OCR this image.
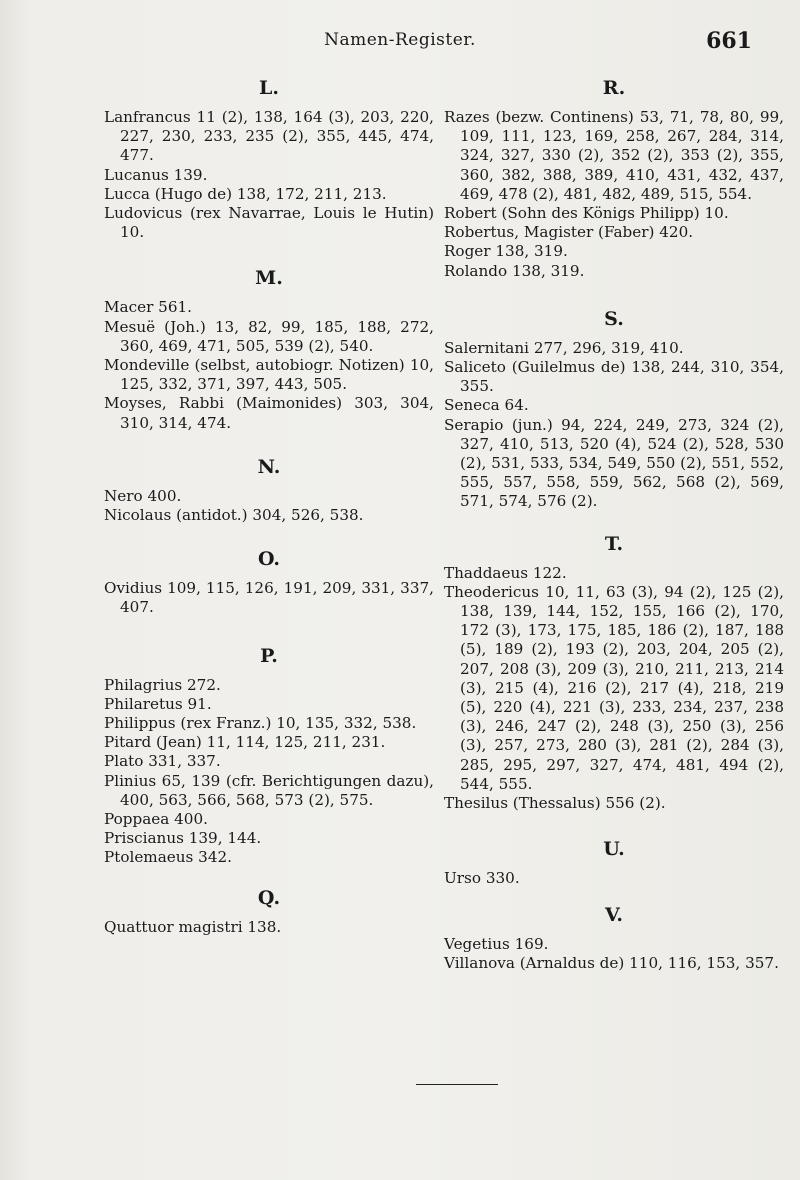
Namen-Register.	661
L.
Lanfrancus 11 (2), 138, 164 (3), 203, 220, 227, 230, 233, 235 (2), 355, 445, 474, 477.
Lucanus 139.
Lucca (Hugo de) 138, 172, 211, 213.
Ludovicus (rex Navarrae, Louis le Hutin) 10.
M.
Macer 561.
Mesuë (Joh.) 13, 82, 99, 185, 188, 272, 360, 469, 471, 505, 539 (2), 540.
Mondeville (selbst, autobiogr. Notizen) 10, 125, 332, 371, 397, 443, 505.
Moyses, Rabbi (Maimonides) 303, 304, 310, 314, 474.
N.
Nero 400.
Nicolaus (antidot.) 304, 526, 538.
O.
Ovidius 109, 115, 126, 191, 209, 331, 337, 407.
P.
Philagrius 272.
Philaretus 91.
Philippus (rex Franz.) 10, 135, 332, 538.
Pitard (Jean) 11, 114, 125, 211, 231.
Plato 331, 337.
Plinius 65, 139 (cfr. Berichtigungen dazu), 400, 563, 566, 568, 573 (2), 575.
Poppaea 400.
Priscianus 139, 144.
Ptolemaeus 342.
Q.
Quattuor magistri 138.
R.
Razes (bezw. Continens) 53, 71, 78, 80, 99, 109, 111, 123, 169, 258, 267, 284, 314, 324, 327, 330 (2), 352 (2), 353 (2), 355, 360, 382, 388, 389, 410, 431, 432, 437, 469, 478 (2), 481, 482, 489, 515, 554.
Robert (Sohn des Königs Philipp) 10.
Robertus, Magister (Faber) 420.
Roger 138, 319.
Rolando 138, 319.
S.
Salernitani 277, 296, 319, 410.
Saliceto (Guilelmus de) 138, 244, 310, 354, 355.
Seneca 64.
Serapio (jun.) 94, 224, 249, 273, 324 (2), 327, 410, 513, 520 (4), 524 (2), 528, 530 (2), 531, 533, 534, 549, 550 (2), 551, 552, 555, 557, 558, 559, 562, 568 (2), 569, 571, 574, 576 (2).
T.
Thaddaeus 122.
Theodericus 10, 11, 63 (3), 94 (2), 125 (2), 138, 139, 144, 152, 155, 166 (2), 170, 172 (3), 173, 175, 185, 186 (2), 187, 188 (5), 189 (2), 193 (2), 203, 204, 205 (2), 207, 208 (3), 209 (3), 210, 211, 213, 214 (3), 215 (4), 216 (2), 217 (4), 218, 219 (5), 220 (4), 221 (3), 233, 234, 237, 238 (3), 246, 247 (2), 248 (3), 250 (3), 256 (3), 257, 273, 280 (3), 281 (2), 284 (3), 285, 295, 297, 327, 474, 481, 494 (2), 544, 555.
Thesilus (Thessalus) 556 (2).
U.
Urso 330.
V.
Vegetius 169.
Villanova (Arnaldus de) 110, 116, 153, 357.
